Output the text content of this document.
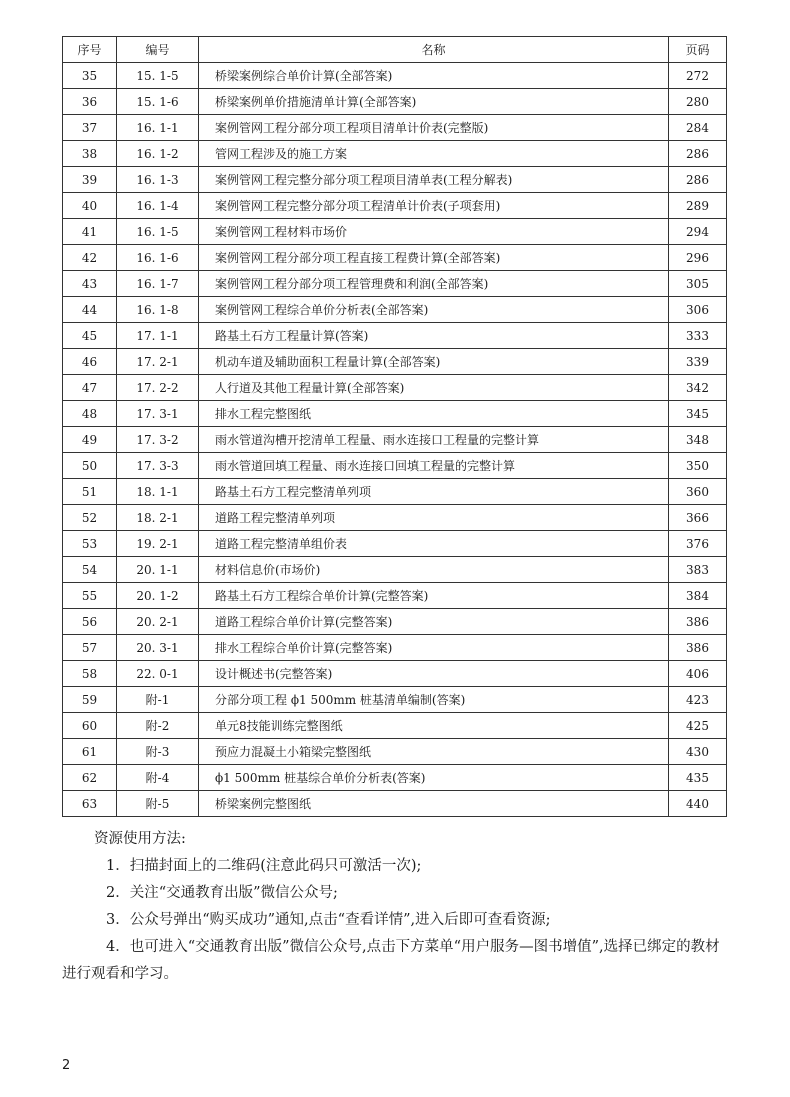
序号	编号	名称	页码
35	15. 1-5	桥梁案例综合单价计算(全部答案)	272
36	15. 1-6	桥梁案例单价措施清单计算(全部答案)	280
37	16. 1-1	案例管网工程分部分项工程项目清单计价表(完整版)	284
38	16. 1-2	管网工程涉及的施工方案	286
39	16. 1-3	案例管网工程完整分部分项工程项目清单表(工程分解表)	286
40	16. 1-4	案例管网工程完整分部分项工程清单计价表(子项套用)	289
41	16. 1-5	案例管网工程材料市场价	294
42	16. 1-6	案例管网工程分部分项工程直接工程费计算(全部答案)	296
43	16. 1-7	案例管网工程分部分项工程管理费和利润(全部答案)	305
44	16. 1-8	案例管网工程综合单价分析表(全部答案)	306
45	17. 1-1	路基土石方工程量计算(答案)	333
46	17. 2-1	机动车道及辅助面积工程量计算(全部答案)	339
47	17. 2-2	人行道及其他工程量计算(全部答案)	342
48	17. 3-1	排水工程完整图纸	345
49	17. 3-2	雨水管道沟槽开挖清单工程量、雨水连接口工程量的完整计算	348
50	17. 3-3	雨水管道回填工程量、雨水连接口回填工程量的完整计算	350
51	18. 1-1	路基土石方工程完整清单列项	360
52	18. 2-1	道路工程完整清单列项	366
53	19. 2-1	道路工程完整清单组价表	376
54	20. 1-1	材料信息价(市场价)	383
55	20. 1-2	路基土石方工程综合单价计算(完整答案)	384
56	20. 2-1	道路工程综合单价计算(完整答案)	386
57	20. 3-1	排水工程综合单价计算(完整答案)	386
58	22. 0-1	设计概述书(完整答案)	406
59	附-1	分部分项工程 ϕ1 500mm 桩基清单编制(答案)	423
60	附-2	单元8技能训练完整图纸	425
61	附-3	预应力混凝土小箱梁完整图纸	430
62	附-4	ϕ1 500mm 桩基综合单价分析表(答案)	435
63	附-5	桥梁案例完整图纸	440

资源使用方法:

1．扫描封面上的二维码(注意此码只可激活一次);

2．关注“交通教育出版”微信公众号;

3．公众号弹出“购买成功”通知,点击“查看详情”,进入后即可查看资源;

4．也可进入“交通教育出版”微信公众号,点击下方菜单“用户服务—图书增值”,选择已绑定的教材进行观看和学习。

2
